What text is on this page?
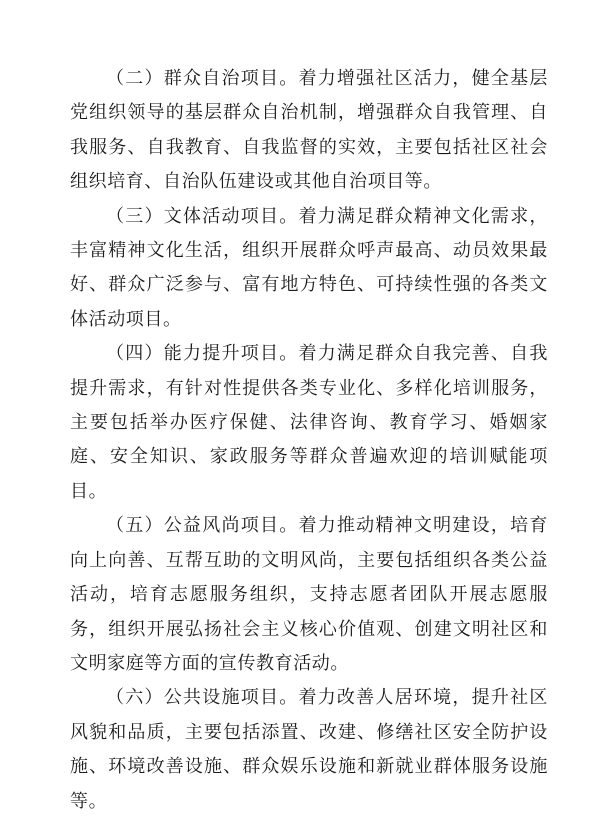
（二）群众自治项目。着力增强社区活力，健全基层党组织领导的基层群众自治机制，增强群众自我管理、自我服务、自我教育、自我监督的实效，主要包括社区社会组织培育、自治队伍建设或其他自治项目等。

（三）文体活动项目。着力满足群众精神文化需求，丰富精神文化生活，组织开展群众呼声最高、动员效果最好、群众广泛参与、富有地方特色、可持续性强的各类文体活动项目。

（四）能力提升项目。着力满足群众自我完善、自我提升需求，有针对性提供各类专业化、多样化培训服务，主要包括举办医疗保健、法律咨询、教育学习、婚姻家庭、安全知识、家政服务等群众普遍欢迎的培训赋能项目。

（五）公益风尚项目。着力推动精神文明建设，培育向上向善、互帮互助的文明风尚，主要包括组织各类公益活动，培育志愿服务组织，支持志愿者团队开展志愿服务，组织开展弘扬社会主义核心价值观、创建文明社区和文明家庭等方面的宣传教育活动。

（六）公共设施项目。着力改善人居环境，提升社区风貌和品质，主要包括添置、改建、修缮社区安全防护设施、环境改善设施、群众娱乐设施和新就业群体服务设施等。
